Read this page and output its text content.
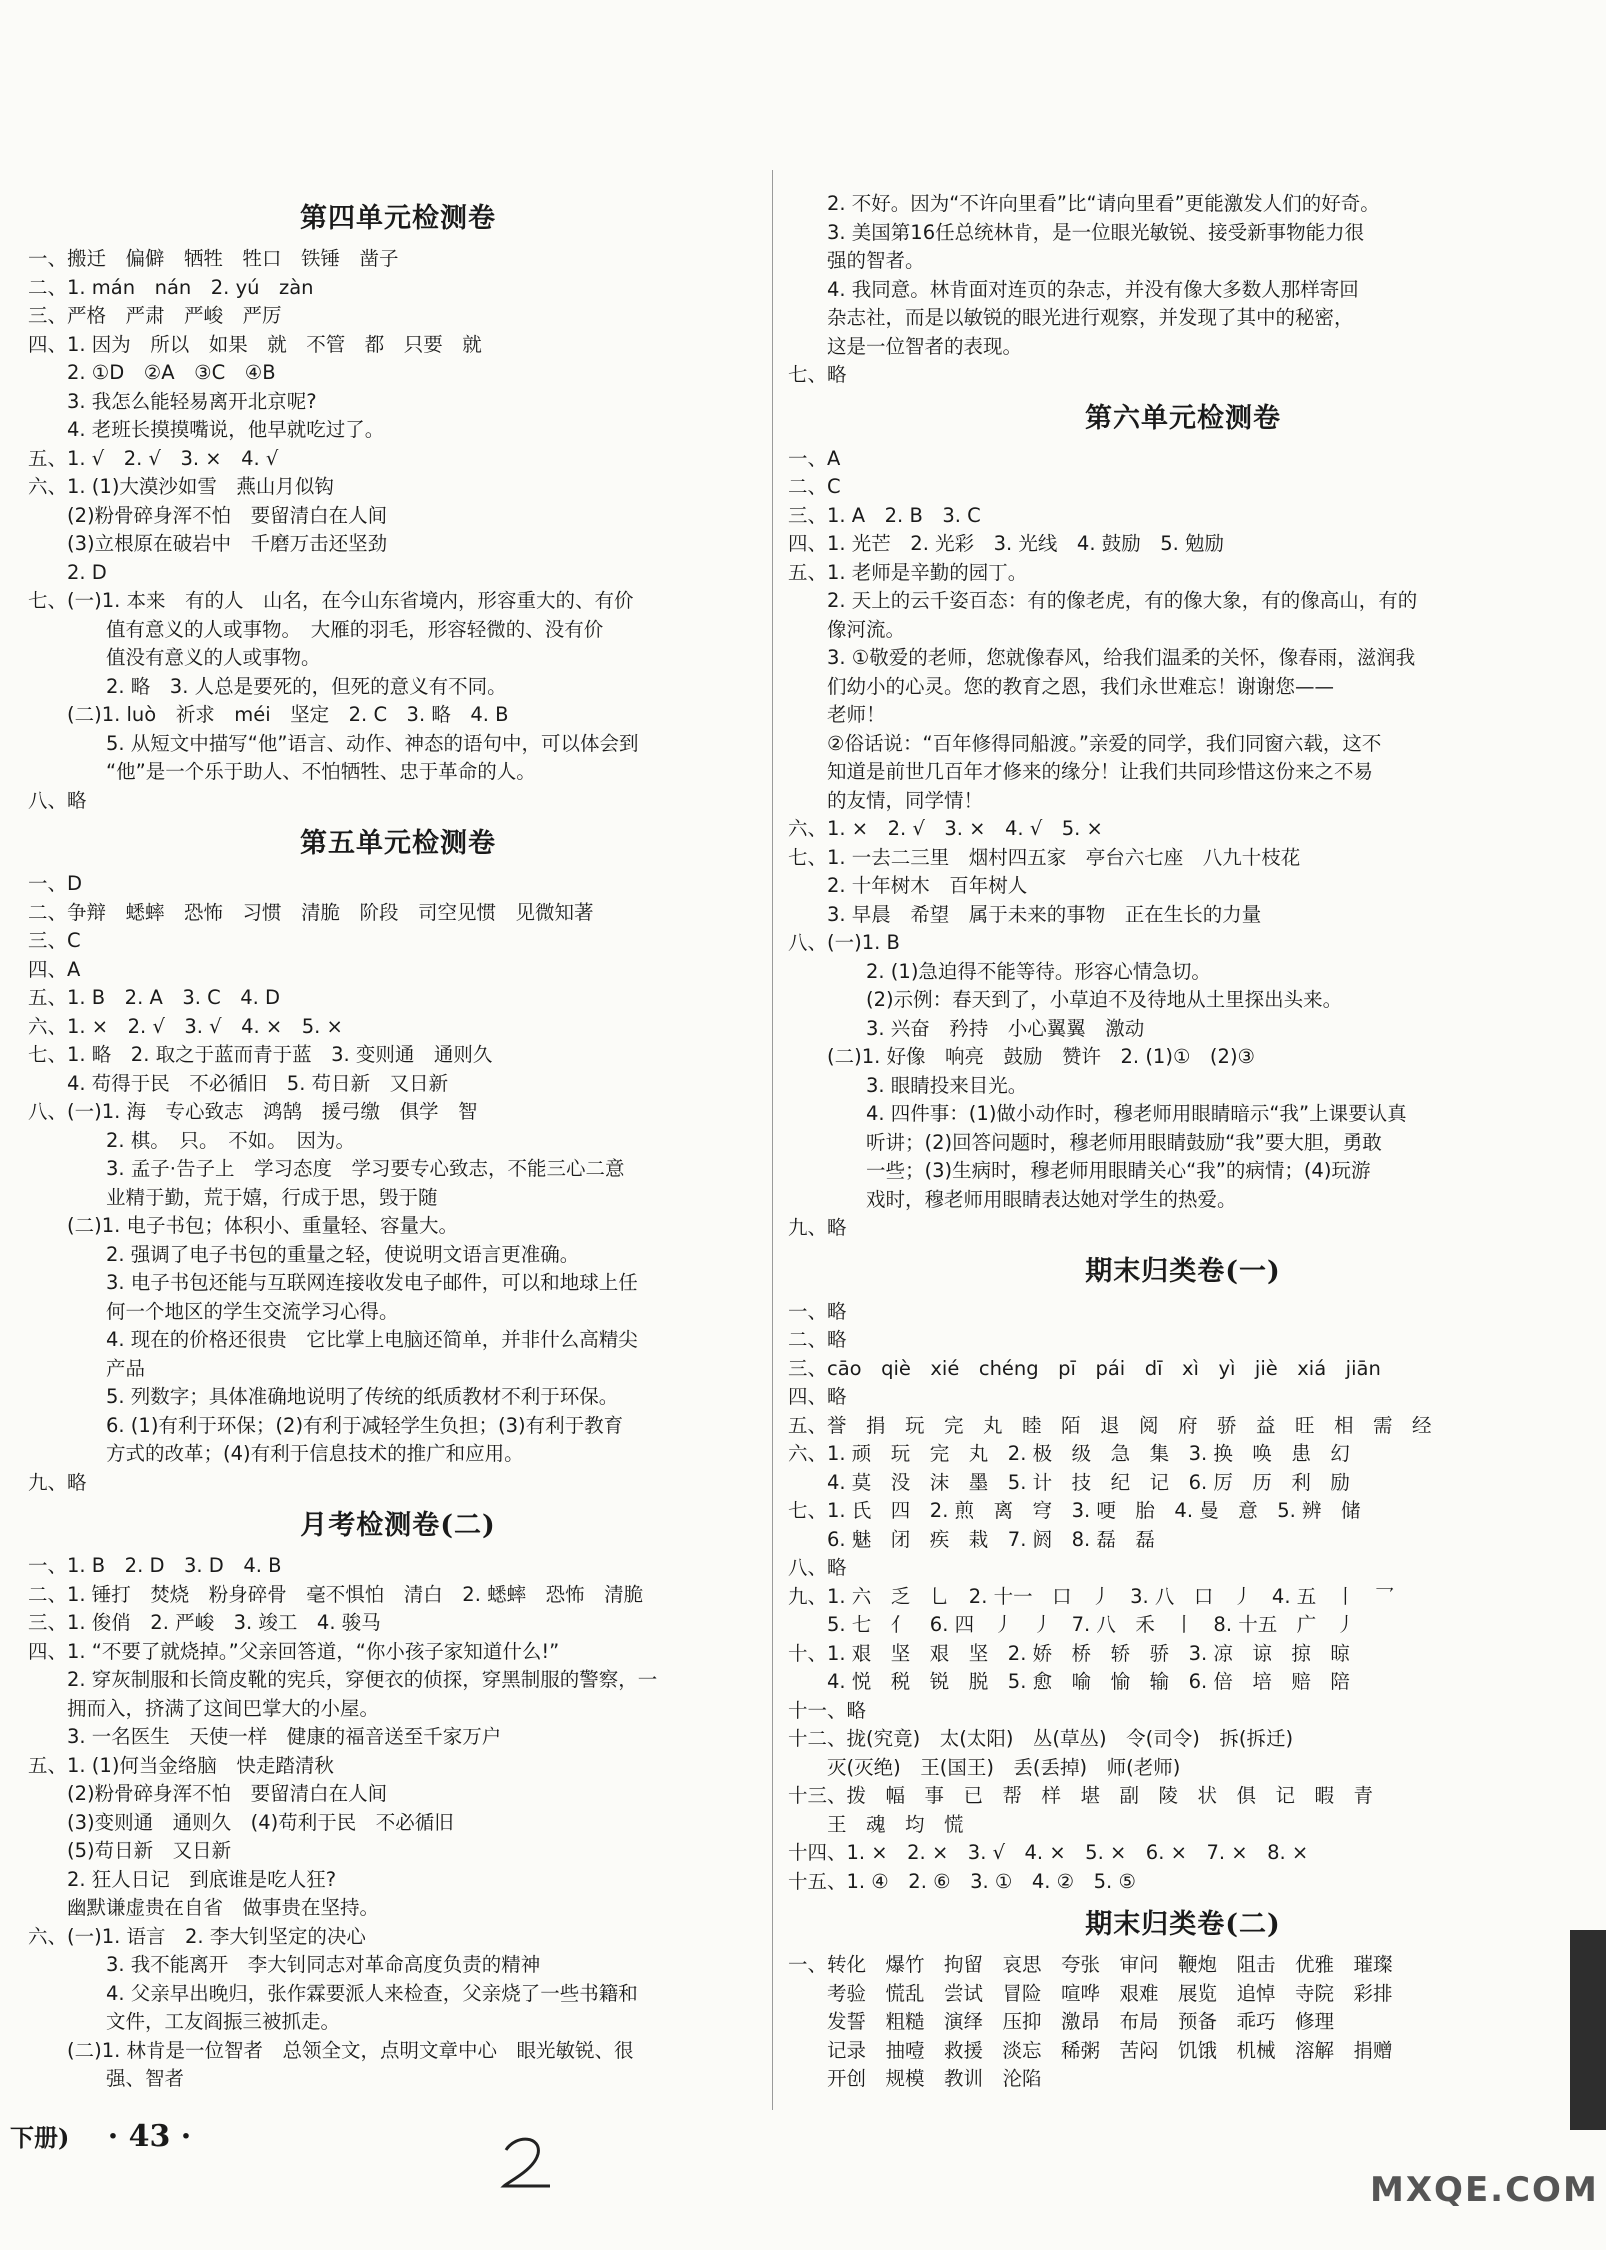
第四单元检测卷
一、搬迁　偏僻　牺牲　牲口　铁锤　凿子
二、1. mán　nán　2. yú　zàn
三、严格　严肃　严峻　严厉
四、1. 因为　所以　如果　就　不管　都　只要　就
　　2. ①D　②A　③C　④B
　　3. 我怎么能轻易离开北京呢?
　　4. 老班长摸摸嘴说，他早就吃过了。
五、1. √　2. √　3. ×　4. √
六、1. (1)大漠沙如雪　燕山月似钩
　　(2)粉骨碎身浑不怕　要留清白在人间
　　(3)立根原在破岩中　千磨万击还坚劲
　　2. D
七、(一)1. 本来　有的人　山名，在今山东省境内，形容重大的、有价
　　　　值有意义的人或事物。　大雁的羽毛，形容轻微的、没有价
　　　　值没有意义的人或事物。
　　　　2. 略　3. 人总是要死的，但死的意义有不同。
　　(二)1. luò　祈求　méi　坚定　2. C　3. 略　4. B
　　　　5. 从短文中描写“他”语言、动作、神态的语句中，可以体会到
　　　　“他”是一个乐于助人、不怕牺牲、忠于革命的人。
八、略
第五单元检测卷
一、D
二、争辩　蟋蟀　恐怖　习惯　清脆　阶段　司空见惯　见微知著
三、C
四、A
五、1. B　2. A　3. C　4. D
六、1. ×　2. √　3. √　4. ×　5. ×
七、1. 略　2. 取之于蓝而青于蓝　3. 变则通　通则久
　　4. 苟得于民　不必循旧　5. 苟日新　又日新
八、(一)1. 海　专心致志　鸿鹄　援弓缴　俱学　智
　　　　2. 棋。　只。　不如。　因为。
　　　　3. 孟子·告子上　学习态度　学习要专心致志，不能三心二意
　　　　业精于勤，荒于嬉，行成于思，毁于随
　　(二)1. 电子书包；体积小、重量轻、容量大。
　　　　2. 强调了电子书包的重量之轻，使说明文语言更准确。
　　　　3. 电子书包还能与互联网连接收发电子邮件，可以和地球上任
　　　　何一个地区的学生交流学习心得。
　　　　4. 现在的价格还很贵　它比掌上电脑还简单，并非什么高精尖
　　　　产品
　　　　5. 列数字；具体准确地说明了传统的纸质教材不利于环保。
　　　　6. (1)有利于环保；(2)有利于减轻学生负担；(3)有利于教育
　　　　方式的改革；(4)有利于信息技术的推广和应用。
九、略
月考检测卷(二)
一、1. B　2. D　3. D　4. B
二、1. 锤打　焚烧　粉身碎骨　毫不惧怕　清白　2. 蟋蟀　恐怖　清脆
三、1. 俊俏　2. 严峻　3. 竣工　4. 骏马
四、1. “不要了就烧掉。”父亲回答道，“你小孩子家知道什么!”
　　2. 穿灰制服和长筒皮靴的宪兵，穿便衣的侦探，穿黑制服的警察，一
　　拥而入，挤满了这间巴掌大的小屋。
　　3. 一名医生　天使一样　健康的福音送至千家万户
五、1. (1)何当金络脑　快走踏清秋
　　(2)粉骨碎身浑不怕　要留清白在人间
　　(3)变则通　通则久　(4)苟利于民　不必循旧
　　(5)苟日新　又日新
　　2. 狂人日记　到底谁是吃人狂?
　　幽默谦虚贵在自省　做事贵在坚持。
六、(一)1. 语言　2. 李大钊坚定的决心
　　　　3. 我不能离开　李大钊同志对革命高度负责的精神
　　　　4. 父亲早出晚归，张作霖要派人来检查，父亲烧了一些书籍和
　　　　文件，工友阎振三被抓走。
　　(二)1. 林肯是一位智者　总领全文，点明文章中心　眼光敏锐、很
　　　　强、智者
　　2. 不好。因为“不许向里看”比“请向里看”更能激发人们的好奇。
　　3. 美国第16任总统林肯，是一位眼光敏锐、接受新事物能力很
　　强的智者。
　　4. 我同意。林肯面对连页的杂志，并没有像大多数人那样寄回
　　杂志社，而是以敏锐的眼光进行观察，并发现了其中的秘密，
　　这是一位智者的表现。
七、略
第六单元检测卷
一、A
二、C
三、1. A　2. B　3. C
四、1. 光芒　2. 光彩　3. 光线　4. 鼓励　5. 勉励
五、1. 老师是辛勤的园丁。
　　2. 天上的云千姿百态：有的像老虎，有的像大象，有的像高山，有的
　　像河流。
　　3. ①敬爱的老师，您就像春风，给我们温柔的关怀，像春雨，滋润我
　　们幼小的心灵。您的教育之恩，我们永世难忘！谢谢您——
　　老师！
　　②俗话说：“百年修得同船渡。”亲爱的同学，我们同窗六载，这不
　　知道是前世几百年才修来的缘分！让我们共同珍惜这份来之不易
　　的友情，同学情！
六、1. ×　2. √　3. ×　4. √　5. ×
七、1. 一去二三里　烟村四五家　亭台六七座　八九十枝花
　　2. 十年树木　百年树人
　　3. 早晨　希望　属于未来的事物　正在生长的力量
八、(一)1. B
　　　　2. (1)急迫得不能等待。形容心情急切。
　　　　(2)示例：春天到了，小草迫不及待地从土里探出头来。
　　　　3. 兴奋　矜持　小心翼翼　激动
　　(二)1. 好像　响亮　鼓励　赞许　2. (1)①　(2)③
　　　　3. 眼睛投来目光。
　　　　4. 四件事：(1)做小动作时，穆老师用眼睛暗示“我”上课要认真
　　　　听讲；(2)回答问题时，穆老师用眼睛鼓励“我”要大胆，勇敢
　　　　一些；(3)生病时，穆老师用眼睛关心“我”的病情；(4)玩游
　　　　戏时，穆老师用眼睛表达她对学生的热爱。
九、略
期末归类卷(一)
一、略
二、略
三、cāo　qiè　xié　chéng　pī　pái　dī　xì　yì　jiè　xiá　jiān
四、略
五、誉　捐　玩　完　丸　睦　陌　退　阅　府　骄　益　旺　相　需　经
六、1. 顽　玩　完　丸　2. 极　级　急　集　3. 换　唤　患　幻
　　4. 莫　没　沫　墨　5. 计　技　纪　记　6. 厉　历　利　励
七、1. 氏　四　2. 煎　离　穹　3. 哽　胎　4. 曼　意　5. 辨　储
　　6. 魅　闭　疾　栽　7. 阏　8. 磊　磊
八、略
九、1. 六　乏　乚　2. 十一　口　丿　3. 八　口　丿　4. 五　丨　乛
　　5. 七　亻　6. 四　丿　丿　7. 八　禾　丨　8. 十五　广　丿
十、1. 艰　坚　艰　坚　2. 娇　桥　轿　骄　3. 凉　谅　掠　晾
　　4. 悦　税　锐　脱　5. 愈　喻　愉　输　6. 倍　培　赔　陪
十一、略
十二、拢(究竟)　太(太阳)　丛(草丛)　令(司令)　拆(拆迁)
　　灭(灭绝)　王(国王)　丢(丢掉)　师(老师)
十三、拨　幅　事　已　帮　样　堪　副　陵　状　俱　记　暇　青
　　王　魂　均　慌
十四、1. ×　2. ×　3. √　4. ×　5. ×　6. ×　7. ×　8. ×
十五、1. ④　2. ⑥　3. ①　4. ②　5. ⑤
期末归类卷(二)
一、转化　爆竹　拘留　哀思　夸张　审问　鞭炮　阻击　优雅　璀璨
　　考验　慌乱　尝试　冒险　喧哗　艰难　展览　追悼　寺院　彩排
　　发誓　粗糙　演绎　压抑　激昂　布局　预备　乖巧　修理
　　记录　抽噎　救援　淡忘　稀粥　苦闷　饥饿　机械　溶解　捐赠
　　开创　规模　教训　沦陷
下册) · 43 ·
MXQE.COM
